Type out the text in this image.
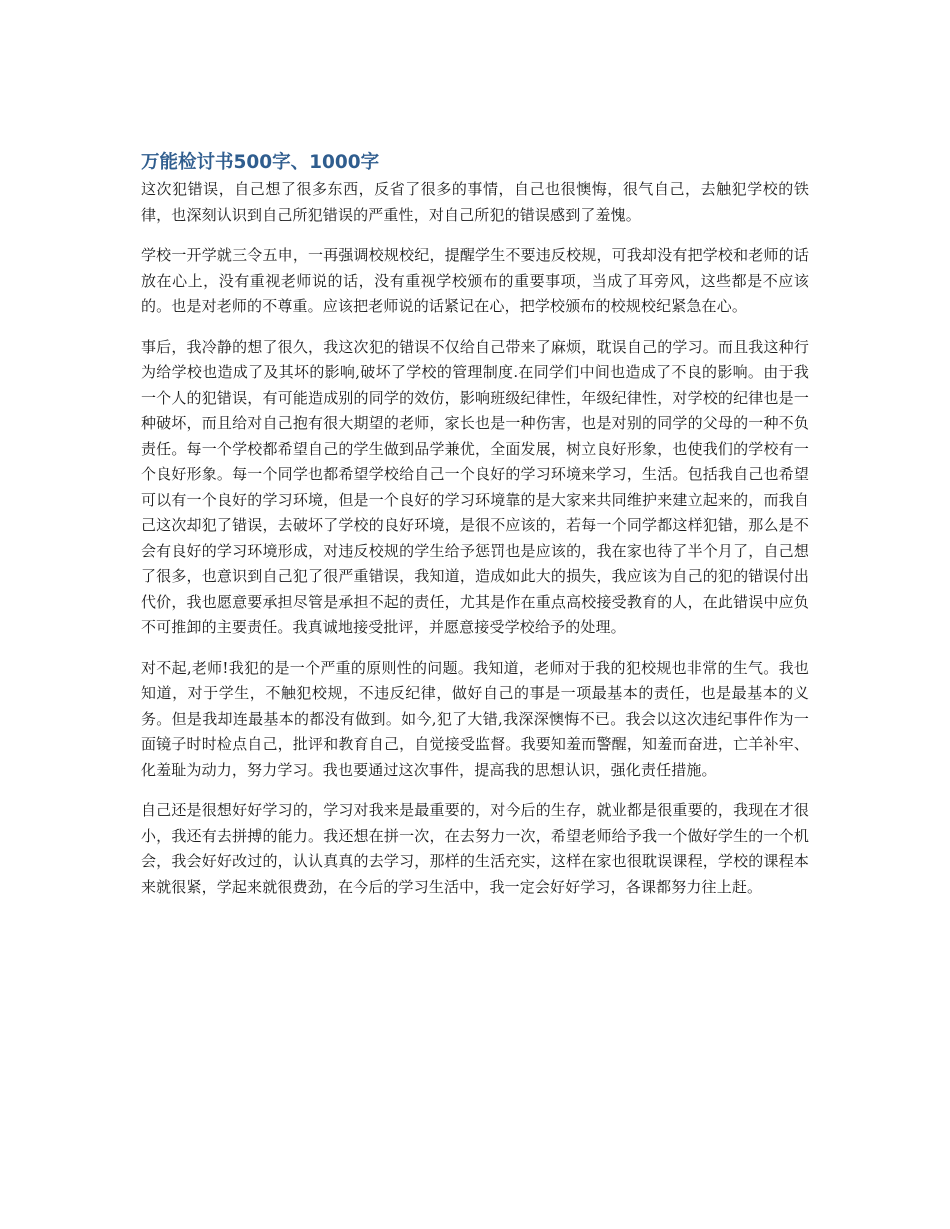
万能检讨书500字、1000字

这次犯错误，自己想了很多东西，反省了很多的事情，自己也很懊悔，很气自己，去触犯学校的铁律，也深刻认识到自己所犯错误的严重性，对自己所犯的错误感到了羞愧。

学校一开学就三令五申，一再强调校规校纪，提醒学生不要违反校规，可我却没有把学校和老师的话放在心上，没有重视老师说的话，没有重视学校颁布的重要事项，当成了耳旁风，这些都是不应该的。也是对老师的不尊重。应该把老师说的话紧记在心，把学校颁布的校规校纪紧急在心。

事后，我冷静的想了很久，我这次犯的错误不仅给自己带来了麻烦，耽误自己的学习。而且我这种行为给学校也造成了及其坏的影响,破坏了学校的管理制度.在同学们中间也造成了不良的影响。由于我一个人的犯错误，有可能造成别的同学的效仿，影响班级纪律性，年级纪律性，对学校的纪律也是一种破坏，而且给对自己抱有很大期望的老师，家长也是一种伤害，也是对别的同学的父母的一种不负责任。每一个学校都希望自己的学生做到品学兼优，全面发展，树立良好形象，也使我们的学校有一个良好形象。每一个同学也都希望学校给自己一个良好的学习环境来学习，生活。包括我自己也希望可以有一个良好的学习环境，但是一个良好的学习环境靠的是大家来共同维护来建立起来的，而我自己这次却犯了错误，去破坏了学校的良好环境，是很不应该的，若每一个同学都这样犯错，那么是不会有良好的学习环境形成，对违反校规的学生给予惩罚也是应该的，我在家也待了半个月了，自己想了很多，也意识到自己犯了很严重错误，我知道，造成如此大的损失，我应该为自己的犯的错误付出代价，我也愿意要承担尽管是承担不起的责任，尤其是作在重点高校接受教育的人，在此错误中应负不可推卸的主要责任。我真诚地接受批评，并愿意接受学校给予的处理。

对不起,老师!我犯的是一个严重的原则性的问题。我知道，老师对于我的犯校规也非常的生气。我也知道，对于学生，不触犯校规，不违反纪律，做好自己的事是一项最基本的责任，也是最基本的义务。但是我却连最基本的都没有做到。如今,犯了大错,我深深懊悔不已。我会以这次违纪事件作为一面镜子时时检点自己，批评和教育自己，自觉接受监督。我要知羞而警醒，知羞而奋进，亡羊补牢、化羞耻为动力，努力学习。我也要通过这次事件，提高我的思想认识，强化责任措施。

自己还是很想好好学习的，学习对我来是最重要的，对今后的生存，就业都是很重要的，我现在才很小，我还有去拼搏的能力。我还想在拼一次，在去努力一次，希望老师给予我一个做好学生的一个机会，我会好好改过的，认认真真的去学习，那样的生活充实，这样在家也很耽误课程，学校的课程本来就很紧，学起来就很费劲，在今后的学习生活中，我一定会好好学习，各课都努力往上赶。
